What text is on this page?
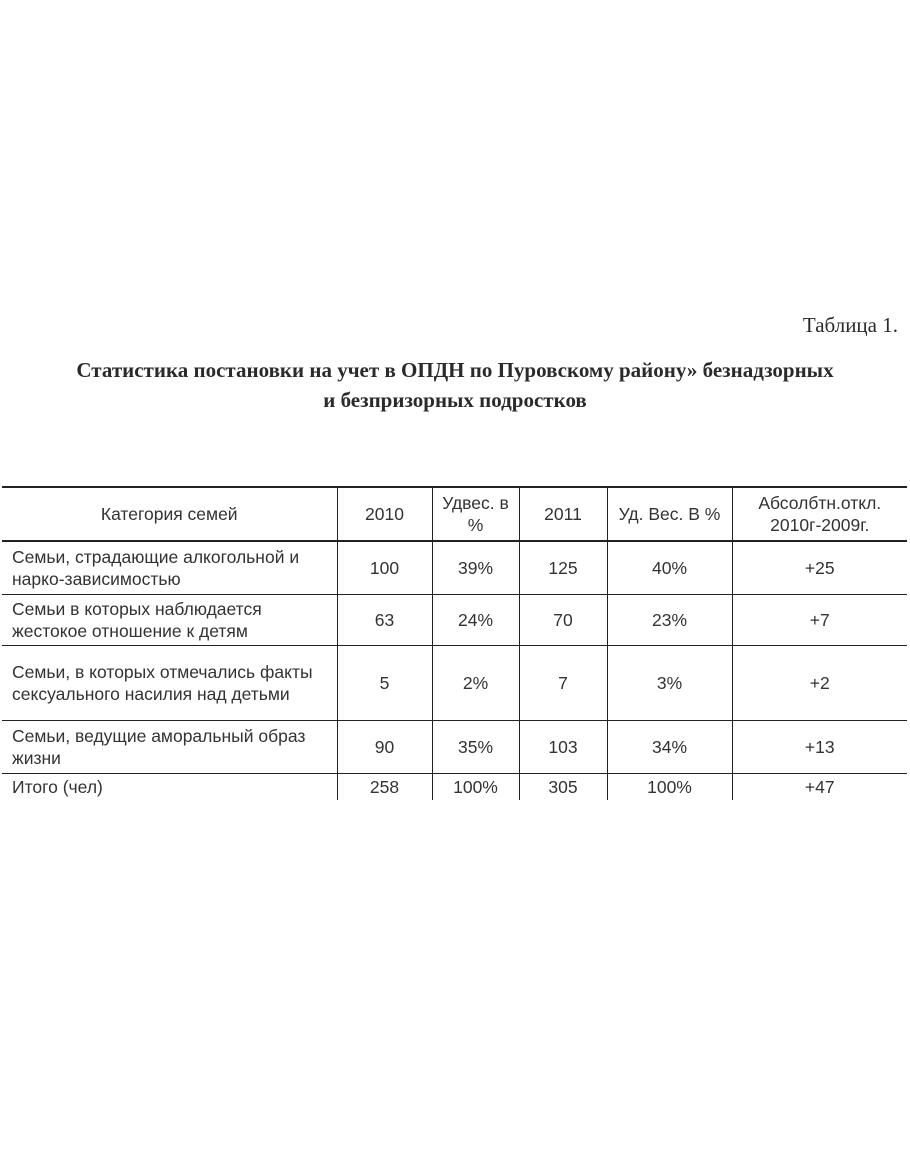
Таблица 1.
Статистика постановки на учет в ОПДН по Пуровскому району» безнадзорных
и безпризорных подростков
Категория семей	2010	Удвес. в %	2011	Уд. Вес. В %	Абсолбтн.откл. 2010г-2009г.
Семьи, страдающие алкогольной и нарко-зависимостью	100	39%	125	40%	+25
Семьи в которых наблюдается жестокое отношение к детям	63	24%	70	23%	+7
Семьи, в которых отмечались факты сексуального насилия над детьми	5	2%	7	3%	+2
Семьи, ведущие аморальный образ жизни	90	35%	103	34%	+13
Итого (чел)	258	100%	305	100%	+47
